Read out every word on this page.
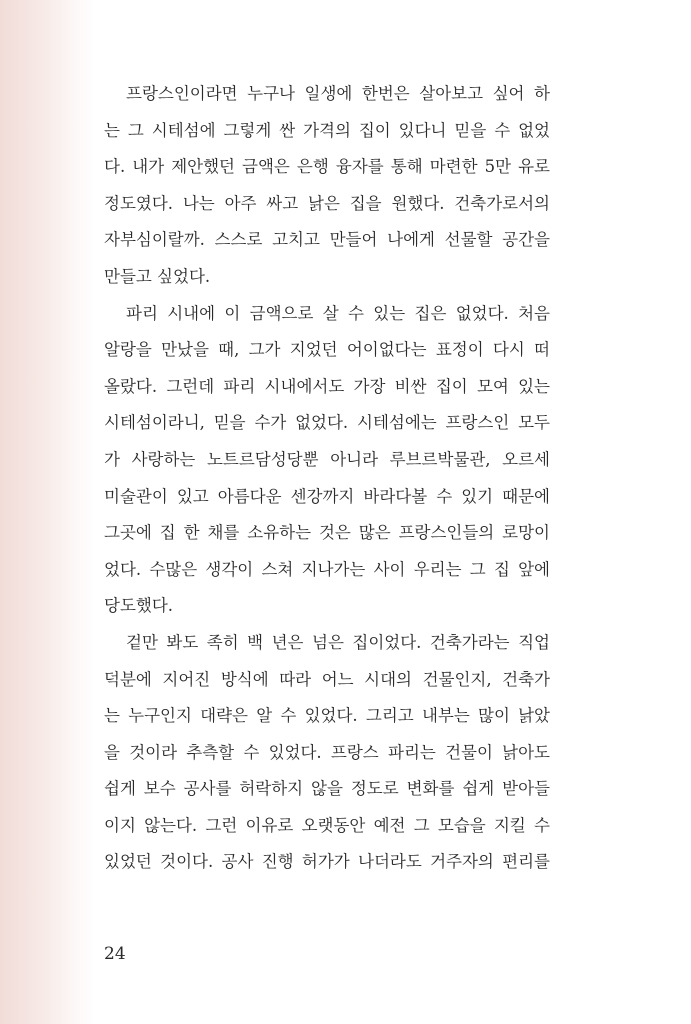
프랑스인이라면 누구나 일생에 한번은 살아보고 싶어 하
는 그 시테섬에 그렇게 싼 가격의 집이 있다니 믿을 수 없었
다. 내가 제안했던 금액은 은행 융자를 통해 마련한 5만 유로
정도였다. 나는 아주 싸고 낡은 집을 원했다. 건축가로서의
자부심이랄까. 스스로 고치고 만들어 나에게 선물할 공간을
만들고 싶었다.
파리 시내에 이 금액으로 살 수 있는 집은 없었다. 처음
알랑을 만났을 때, 그가 지었던 어이없다는 표정이 다시 떠
올랐다. 그런데 파리 시내에서도 가장 비싼 집이 모여 있는
시테섬이라니, 믿을 수가 없었다. 시테섬에는 프랑스인 모두
가 사랑하는 노트르담성당뿐 아니라 루브르박물관, 오르세
미술관이 있고 아름다운 센강까지 바라다볼 수 있기 때문에
그곳에 집 한 채를 소유하는 것은 많은 프랑스인들의 로망이
었다. 수많은 생각이 스쳐 지나가는 사이 우리는 그 집 앞에
당도했다.
겉만 봐도 족히 백 년은 넘은 집이었다. 건축가라는 직업
덕분에 지어진 방식에 따라 어느 시대의 건물인지, 건축가
는 누구인지 대략은 알 수 있었다. 그리고 내부는 많이 낡았
을 것이라 추측할 수 있었다. 프랑스 파리는 건물이 낡아도
쉽게 보수 공사를 허락하지 않을 정도로 변화를 쉽게 받아들
이지 않는다. 그런 이유로 오랫동안 예전 그 모습을 지킬 수
있었던 것이다. 공사 진행 허가가 나더라도 거주자의 편리를
24
